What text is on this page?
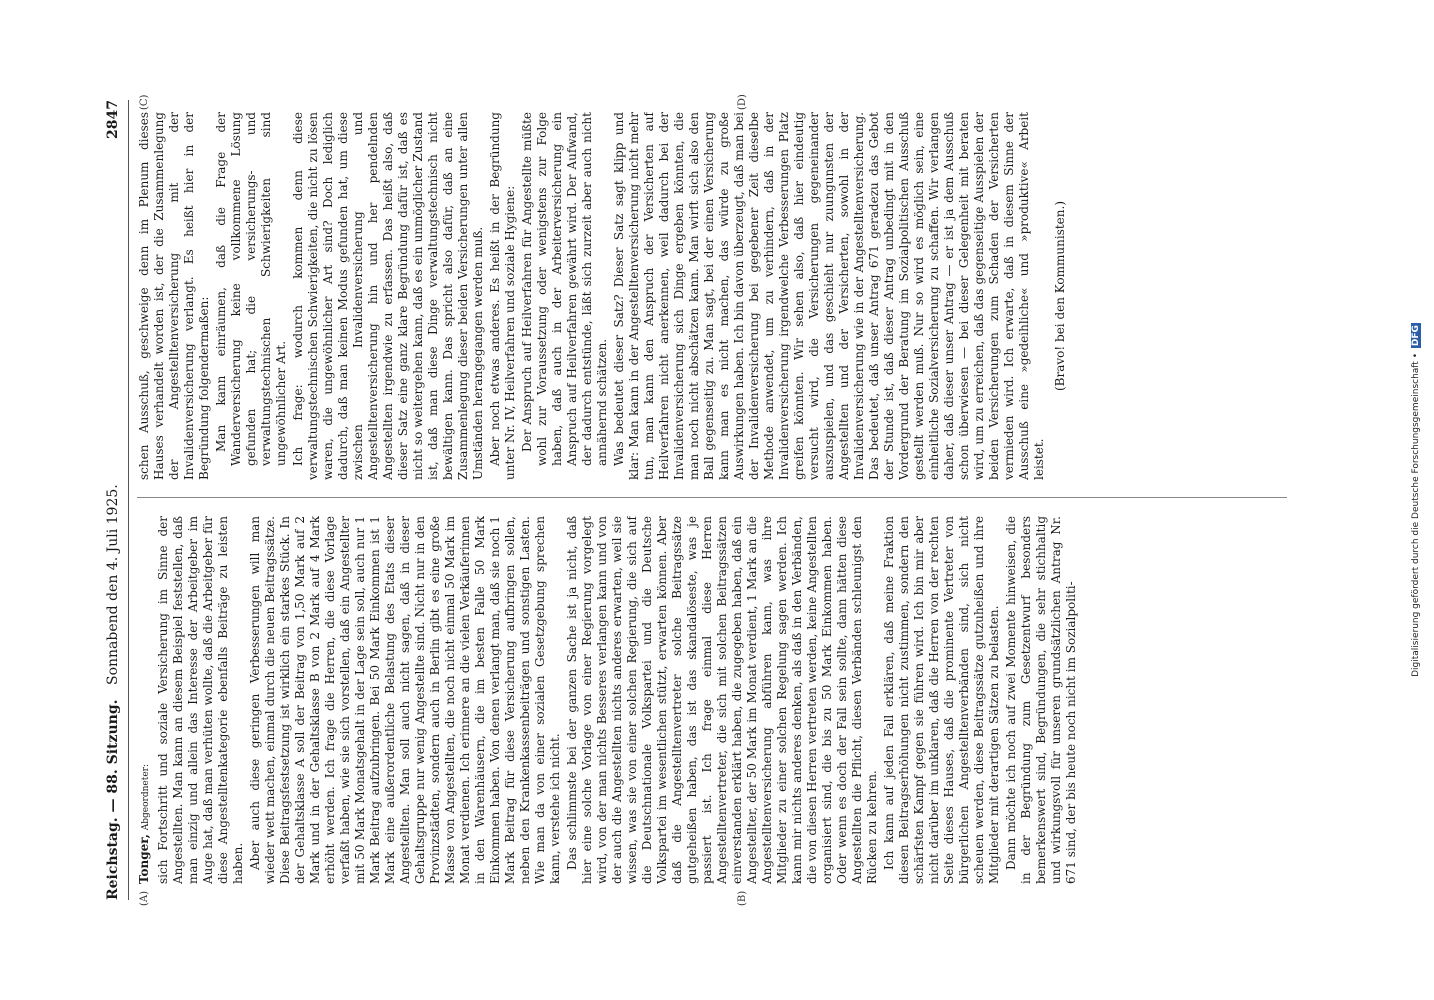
Reichstag. — 88. Sitzung.
Sonnabend den 4. Juli 1925.
2847
(A)	(B)
(C)	(D)

Tonger, Abgeordneter: sich Fortschritt und soziale Versicherung im Sinne der Angestellten. Man kann an diesem Beispiel feststellen, daß man einzig und allein das Interesse der Arbeitgeber im Auge hat, daß man verhüten wollte, daß die Arbeitgeber für diese Angestelltenkategorie ebenfalls Beiträge zu leisten haben. Aber auch diese geringen Verbesserungen will man wieder wett machen, einmal durch die neuen Beitragssätze. Diese Beitragsfestsetzung ist wirklich ein starkes Stück. In der Gehaltsklasse A soll der Beitrag von 1,50 Mark auf 2 Mark und in der Gehaltsklasse B von 2 Mark auf 4 Mark erhöht werden. Ich frage die Herren, die diese Vorlage verfaßt haben, wie sie sich vorstellen, daß ein Angestellter mit 50 Mark Monatsgehalt in der Lage sein soll, auch nur 1 Mark Beitrag aufzubringen. Bei 50 Mark Einkommen ist 1 Mark eine außerordentliche Belastung des Etats dieser Angestellten. Man soll auch nicht sagen, daß in dieser Gehaltsgruppe nur wenig Angestellte sind. Nicht nur in den Provinzstädten, sondern auch in Berlin gibt es eine große Masse von Angestellten, die noch nicht einmal 50 Mark im Monat verdienen. Ich erinnere an die vielen Verkäuferinnen in den Warenhäusern, die im besten Falle 50 Mark Einkommen haben. Von denen verlangt man, daß sie noch 1 Mark Beitrag für diese Versicherung aufbringen sollen, neben den Krankenkassenbeiträgen und sonstigen Lasten. Wie man da von einer sozialen Gesetzgebung sprechen kann, verstehe ich nicht. Das schlimmste bei der ganzen Sache ist ja nicht, daß hier eine solche Vorlage von einer Regierung vorgelegt wird, von der man nichts Besseres verlangen kann und von der auch die Angestellten nichts anderes erwarten, weil sie wissen, was sie von einer solchen Regierung, die sich auf die Deutschnationale Volkspartei und die Deutsche Volkspartei im wesentlichen stützt, erwarten können. Aber daß die Angestelltenvertreter solche Beitragssätze gutgeheißen haben, das ist das skandalöseste, was je passiert ist. Ich frage einmal diese Herren Angestelltenvertreter, die sich mit solchen Beitragssätzen einverstanden erklärt haben, die zugegeben haben, daß ein Angestellter, der 50 Mark im Monat verdient, 1 Mark an die Angestelltenversicherung abführen kann, was ihre Mitglieder zu einer solchen Regelung sagen werden. Ich kann mir nichts anderes denken, als daß in den Verbänden, die von diesen Herren vertreten werden, keine Angestellten organisiert sind, die bis zu 50 Mark Einkommen haben. Oder wenn es doch der Fall sein sollte, dann hätten diese Angestellten die Pflicht, diesen Verbänden schleunigst den Rücken zu kehren. Ich kann auf jeden Fall erklären, daß meine Fraktion diesen Beitragserhöhungen nicht zustimmen, sondern den schärfsten Kampf gegen sie führen wird. Ich bin mir aber nicht darüber im unklaren, daß die Herren von der rechten Seite dieses Hauses, daß die prominente Vertreter von bürgerlichen Angestelltenverbänden sind, sich nicht scheuen werden, diese Beitragssätze gutzuheißen und ihre Mitglieder mit derartigen Sätzen zu belasten. Dann möchte ich noch auf zwei Momente hinweisen, die in der Begründung zum Gesetzentwurf besonders bemerkenswert sind, Begründungen, die sehr stichhaltig und wirkungsvoll für unseren grundsätzlichen Antrag Nr. 671 sind, der bis heute noch nicht im Sozialpoliti-

schen Ausschuß, geschweige denn im Plenum dieses Hauses verhandelt worden ist, der die Zusammenlegung der Angestelltenversicherung mit der Invalidenversicherung verlangt. Es heißt hier in der Begründung folgendermaßen: Man kann einräumen, daß die Frage der Wanderversicherung keine vollkommene Lösung gefunden hat; die versicherungs- und verwaltungstechnischen Schwierigkeiten sind ungewöhnlicher Art. Ich frage: wodurch kommen denn diese verwaltungstechnischen Schwierigkeiten, die nicht zu lösen waren, die ungewöhnlicher Art sind? Doch lediglich dadurch, daß man keinen Modus gefunden hat, um diese zwischen Invalidenversicherung und Angestelltenversicherung hin und her pendelnden Angestellten irgendwie zu erfassen. Das heißt also, daß dieser Satz eine ganz klare Begründung dafür ist, daß es nicht so weitergehen kann, daß es ein unmöglicher Zustand ist, daß man diese Dinge verwaltungstechnisch nicht bewältigen kann. Das spricht also dafür, daß an eine Zusammenlegung dieser beiden Versicherungen unter allen Umständen herangegangen werden muß. Aber noch etwas anderes. Es heißt in der Begründung unter Nr. IV, Heilverfahren und soziale Hygiene: Der Anspruch auf Heilverfahren für Angestellte müßte wohl zur Voraussetzung oder wenigstens zur Folge haben, daß auch in der Arbeiterversicherung ein Anspruch auf Heilverfahren gewährt wird. Der Aufwand, der dadurch entstünde, läßt sich zurzeit aber auch nicht annähernd schätzen. Was bedeutet dieser Satz? Dieser Satz sagt klipp und klar: Man kann in der Angestelltenversicherung nicht mehr tun, man kann den Anspruch der Versicherten auf Heilverfahren nicht anerkennen, weil dadurch bei der Invalidenversicherung sich Dinge ergeben könnten, die man noch nicht abschätzen kann. Man wirft sich also den Ball gegenseitig zu. Man sagt, bei der einen Versicherung kann man es nicht machen, das würde zu große Auswirkungen haben. Ich bin davon überzeugt, daß man bei der Invalidenversicherung bei gegebener Zeit dieselbe Methode anwendet, um zu verhindern, daß in der Invalidenversicherung irgendwelche Verbesserungen Platz greifen könnten. Wir sehen also, daß hier eindeutig versucht wird, die Versicherungen gegeneinander auszuspielen, und das geschieht nur zuungunsten der Angestellten und der Versicherten, sowohl in der Invalidenversicherung wie in der Angestelltenversicherung. Das bedeutet, daß unser Antrag 671 geradezu das Gebot der Stunde ist, daß dieser Antrag unbedingt mit in den Vordergrund der Beratung im Sozialpolitischen Ausschuß gestellt werden muß. Nur so wird es möglich sein, eine einheitliche Sozialversicherung zu schaffen. Wir verlangen daher, daß dieser unser Antrag — er ist ja dem Ausschuß schon überwiesen — bei dieser Gelegenheit mit beraten wird, um zu erreichen, daß das gegenseitige Ausspielen der beiden Versicherungen zum Schaden der Versicherten vermieden wird. Ich erwarte, daß in diesem Sinne der Ausschuß eine »gedeihliche« und »produktive« Arbeit leistet.

(Bravo! bei den Kommunisten.)

Digitalisierung gefördert durch die Deutsche Forschungsgemeinschaft • DFG
